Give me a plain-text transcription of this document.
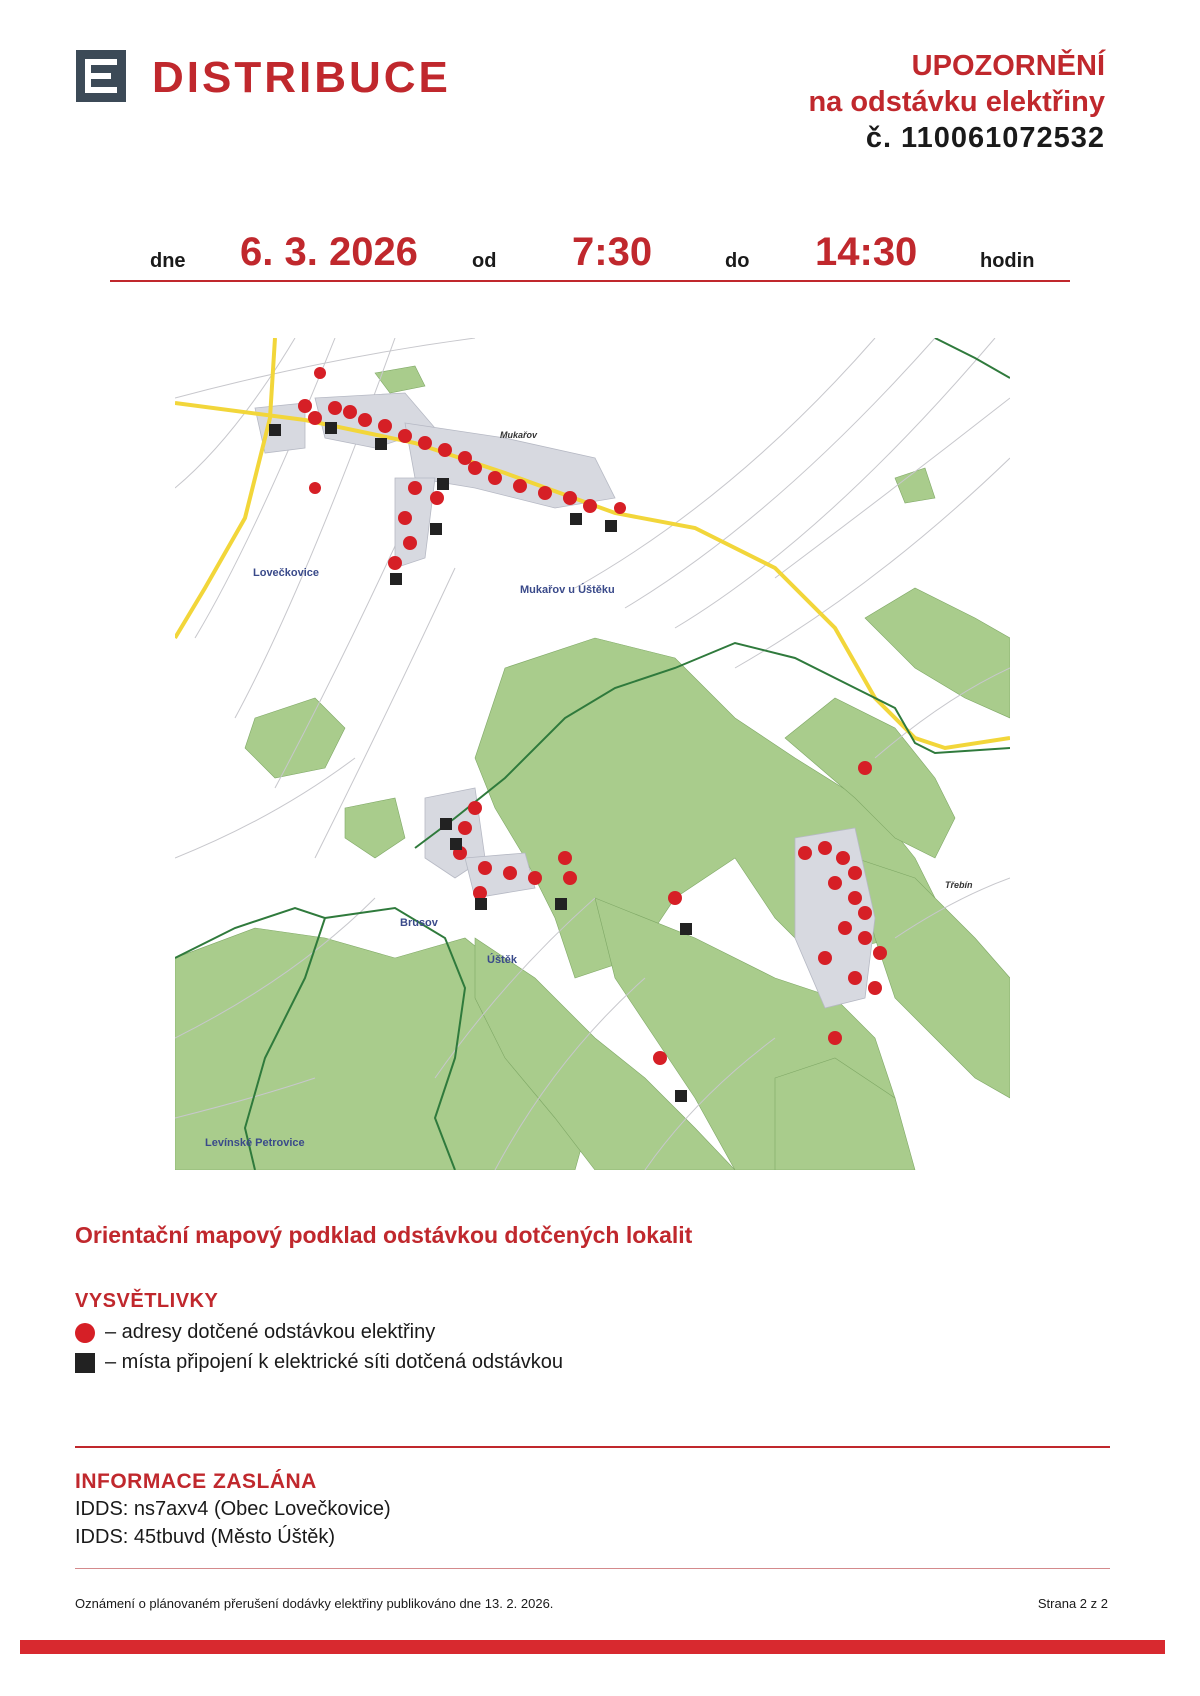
DISTRIBUCE	UPOZORNĚNÍ
na odstávku elektřiny
č. 110061072532
dne 6. 3. 2026	od 7:30	do 14:30	hodin
Lovečkovice
Mukařov
Mukařov u Úštěku
Brusov
Úštěk
Třebín
Levínské Petrovice
Orientační mapový podklad odstávkou dotčených lokalit
VYSVĚTLIVKY
– adresy dotčené odstávkou elektřiny
– místa připojení k elektrické síti dotčená odstávkou
INFORMACE ZASLÁNA
IDDS: ns7axv4 (Obec Lovečkovice)
IDDS: 45tbuvd (Město Úštěk)
Oznámení o plánovaném přerušení dodávky elektřiny publikováno dne 13. 2. 2026.	Strana 2 z 2
